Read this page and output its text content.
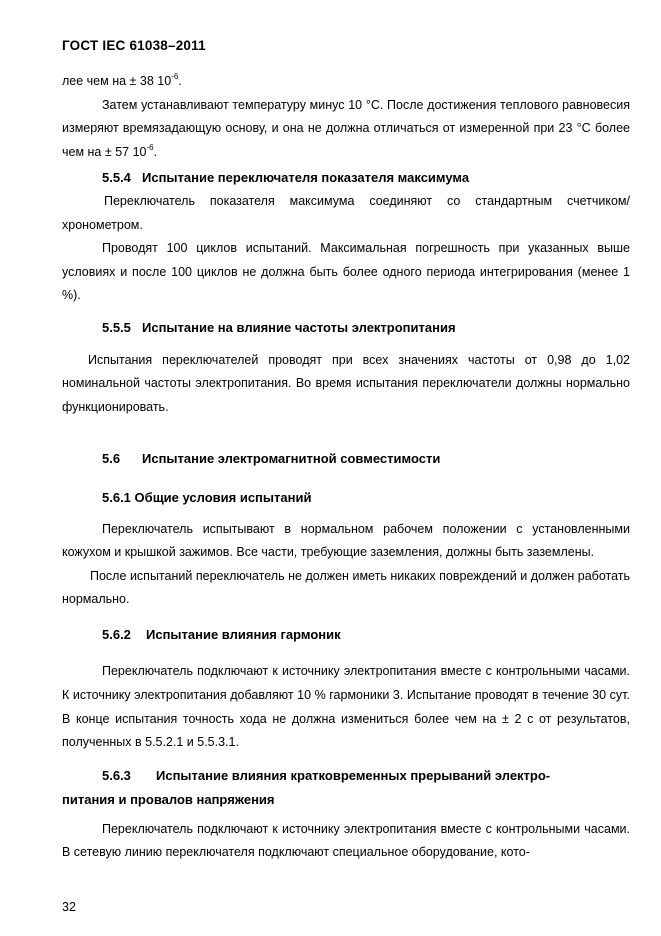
ГОСТ IEC 61038–2011

лее чем на ± 38 $10^{-6}$.

Затем устанавливают температуру минус 10 °С. После достижения теплового равновесия измеряют времязадающую основу, и она не должна отличаться от измеренной при 23 °С более чем на ± 57 $10^{-6}$.

5.5.4 Испытание переключателя показателя максимума

Переключатель показателя максимума соединяют со стандартным счетчиком/хронометром.

Проводят 100 циклов испытаний. Максимальная погрешность при указанных выше условиях и после 100 циклов не должна быть более одного периода интегрирования (менее 1 %).

5.5.5 Испытание на влияние частоты электропитания

Испытания переключателей проводят при всех значениях частоты от 0,98 до 1,02 номинальной частоты электропитания. Во время испытания переключатели должны нормально функционировать.

5.6 Испытание электромагнитной совместимости
5.6.1 Общие условия испытаний

Переключатель испытывают в нормальном рабочем положении с установленными кожухом и крышкой зажимов. Все части, требующие заземления, должны быть заземлены.

После испытаний переключатель не должен иметь никаких повреждений и должен работать нормально.

5.6.2 Испытание влияния гармоник

Переключатель подключают к источнику электропитания вместе с контрольными часами. К источнику электропитания добавляют 10 % гармоники 3. Испытание проводят в течение 30 сут. В конце испытания точность хода не должна измениться более чем на ± 2 с от результатов, полученных в 5.5.2.1 и 5.5.3.1.

5.6.3 Испытание влияния кратковременных прерываний электро-
питания и провалов напряжения

Переключатель подключают к источнику электропитания вместе с контрольными часами. В сетевую линию переключателя подключают специальное оборудование, кото-

32
